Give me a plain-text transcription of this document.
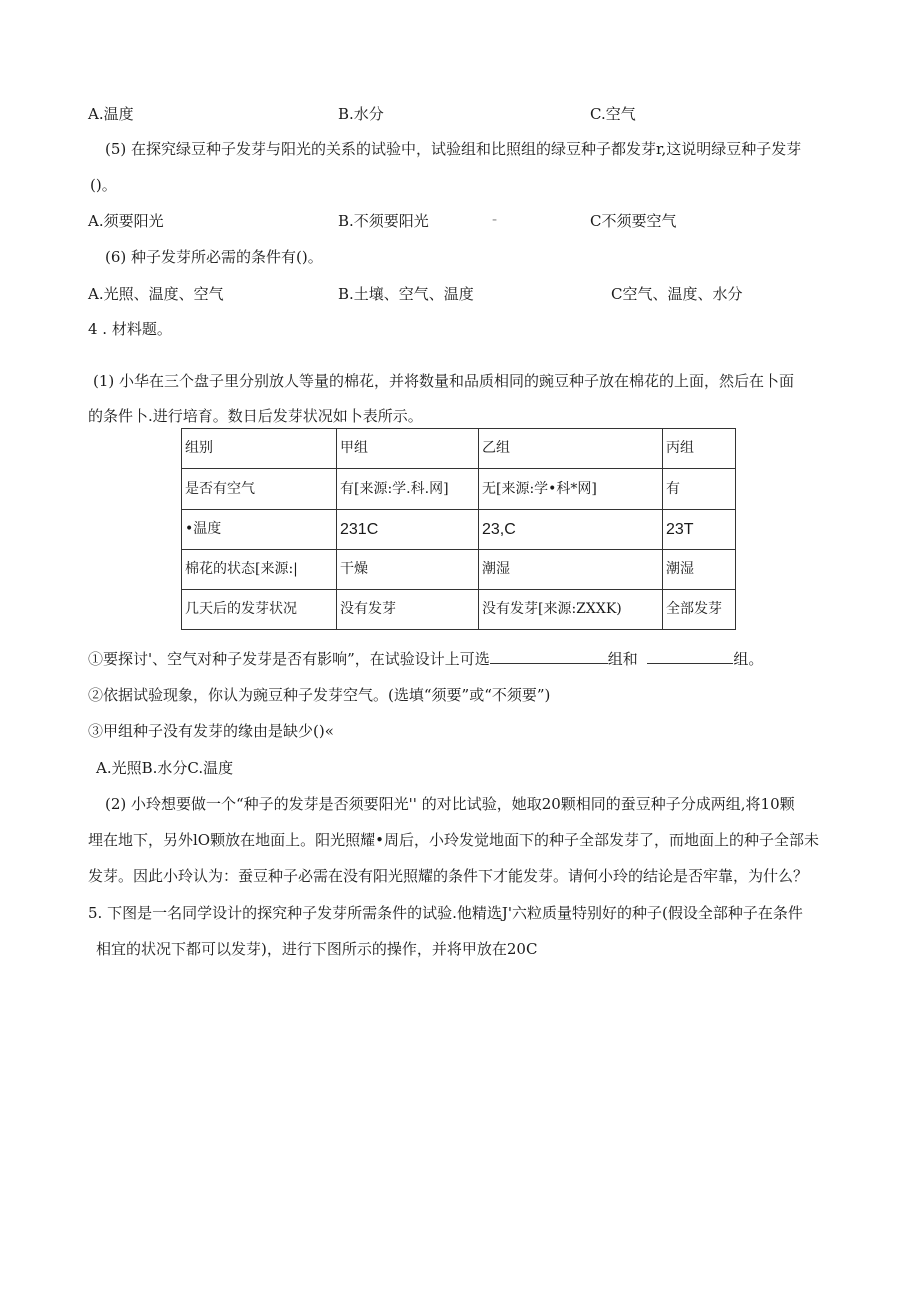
A.温度	B.水分	C.空气
(5) 在探究绿豆种子发芽与阳光的关系的试验中，试验组和比照组的绿豆种子都发芽r,这说明绿豆种子发芽
()。
A.须要阳光	B.不须要阳光	-	C不须要空气
(6) 种子发芽所必需的条件有()。
A.光照、温度、空气	B.土壤、空气、温度	C空气、温度、水分
4 . 材料题。
(1) 小华在三个盘子里分别放人等量的棉花，并将数量和品质相同的豌豆种子放在棉花的上面，然后在卜面
的条件卜.进行培育。数日后发芽状况如卜表所示。
组别	甲组	乙组	丙组
是否有空气	有[来源:学.科.网]	无[来源:学•科*网]	有
•温度	231C	23,C	23T
棉花的状态[来源:|	干燥	潮湿	潮湿
几天后的发芽状况	没有发芽	没有发芽[来源:ZXXK)	全部发芽
①要探讨'、空气对种子发芽是否有影响”，在试验设计上可选	组和	组。
②依据试验现象，你认为豌豆种子发芽空气。(选填“须要”或“不须要”)
③甲组种子没有发芽的缘由是缺少()«
A.光照B.水分C.温度
(2) 小玲想要做一个“种子的发芽是否须要阳光'' 的对比试验，她取20颗相同的蚕豆种子分成两组,将10颗
埋在地下，另外lO颗放在地面上。阳光照耀•周后，小玲发觉地面下的种子全部发芽了，而地面上的种子全部未
发芽。因此小玲认为：蚕豆种子必需在没有阳光照耀的条件下才能发芽。请何小玲的结论是否牢靠，为什么？
5. 下图是一名同学设计的探究种子发芽所需条件的试验.他精选J'六粒质量特别好的种子(假设全部种子在条件
相宜的状况下都可以发芽)，进行下图所示的操作，并将甲放在20C
